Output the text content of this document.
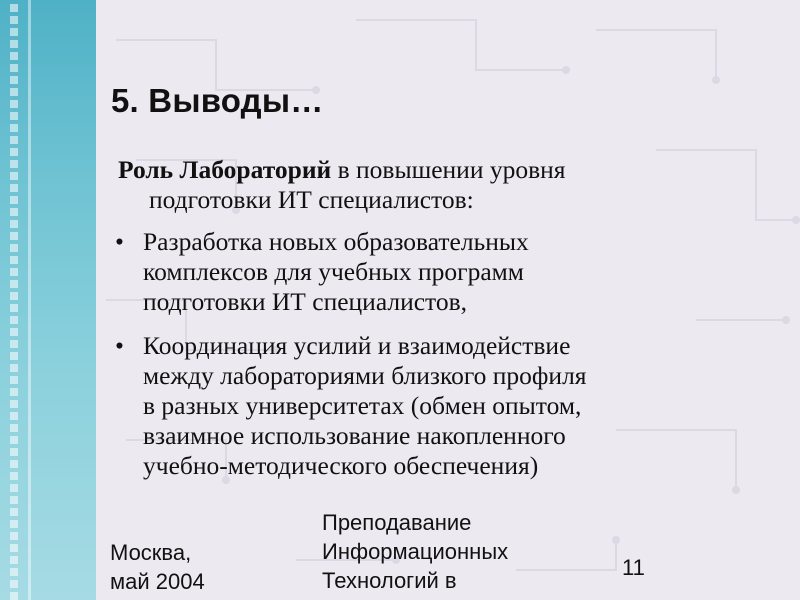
5. Выводы…
Роль Лабораторий в повышении уровня
подготовки ИТ специалистов:
• Разработка новых образовательных
комплексов для учебных программ
подготовки ИТ специалистов,
• Координация усилий и взаимодействие
между лабораториями близкого профиля
в разных университетах (обмен опытом,
взаимное использование накопленного
учебно-методического обеспечения)
Москва,
май 2004
Преподавание
Информационных
Технологий в
11
